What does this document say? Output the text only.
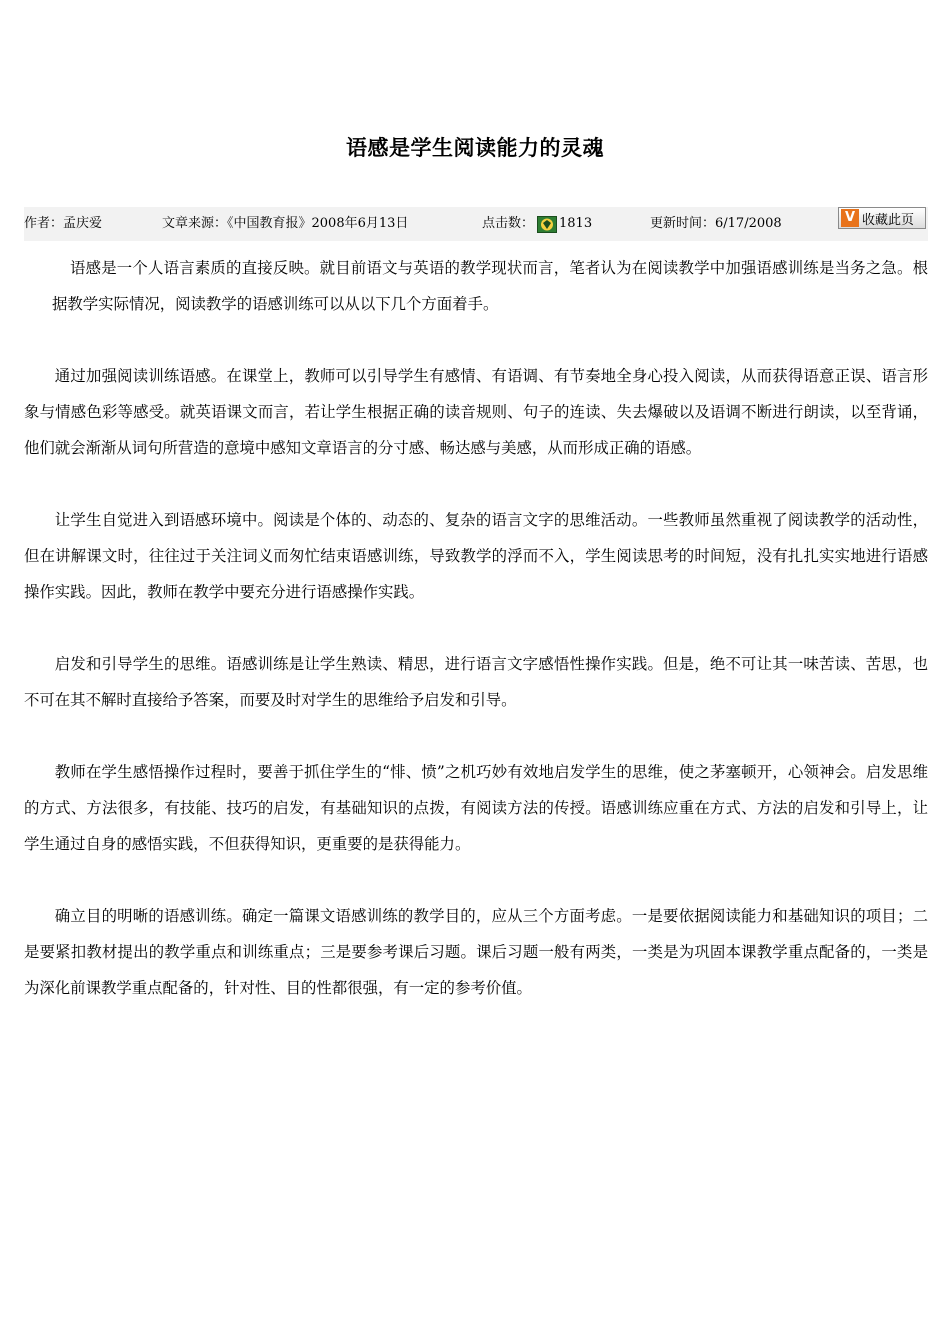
语感是学生阅读能力的灵魂
作者：孟庆爱	文章来源：《中国教育报》2008年6月13日	点击数： 1813	更新时间：6/17/2008	V 收藏此页

语感是一个人语言素质的直接反映。就目前语文与英语的教学现状而言，笔者认为在阅读教学中加强语感训练是当务之急。根据教学实际情况，阅读教学的语感训练可以从以下几个方面着手。

通过加强阅读训练语感。在课堂上，教师可以引导学生有感情、有语调、有节奏地全身心投入阅读，从而获得语意正误、语言形象与情感色彩等感受。就英语课文而言，若让学生根据正确的读音规则、句子的连读、失去爆破以及语调不断进行朗读，以至背诵，他们就会渐渐从词句所营造的意境中感知文章语言的分寸感、畅达感与美感，从而形成正确的语感。

让学生自觉进入到语感环境中。阅读是个体的、动态的、复杂的语言文字的思维活动。一些教师虽然重视了阅读教学的活动性，但在讲解课文时，往往过于关注词义而匆忙结束语感训练，导致教学的浮而不入，学生阅读思考的时间短，没有扎扎实实地进行语感操作实践。因此，教师在教学中要充分进行语感操作实践。

启发和引导学生的思维。语感训练是让学生熟读、精思，进行语言文字感悟性操作实践。但是，绝不可让其一味苦读、苦思，也不可在其不解时直接给予答案，而要及时对学生的思维给予启发和引导。

教师在学生感悟操作过程时，要善于抓住学生的“悱、愤”之机巧妙有效地启发学生的思维，使之茅塞顿开，心领神会。启发思维的方式、方法很多，有技能、技巧的启发，有基础知识的点拨，有阅读方法的传授。语感训练应重在方式、方法的启发和引导上，让学生通过自身的感悟实践，不但获得知识，更重要的是获得能力。

确立目的明晰的语感训练。确定一篇课文语感训练的教学目的，应从三个方面考虑。一是要依据阅读能力和基础知识的项目；二是要紧扣教材提出的教学重点和训练重点；三是要参考课后习题。课后习题一般有两类，一类是为巩固本课教学重点配备的，一类是为深化前课教学重点配备的，针对性、目的性都很强，有一定的参考价值。
